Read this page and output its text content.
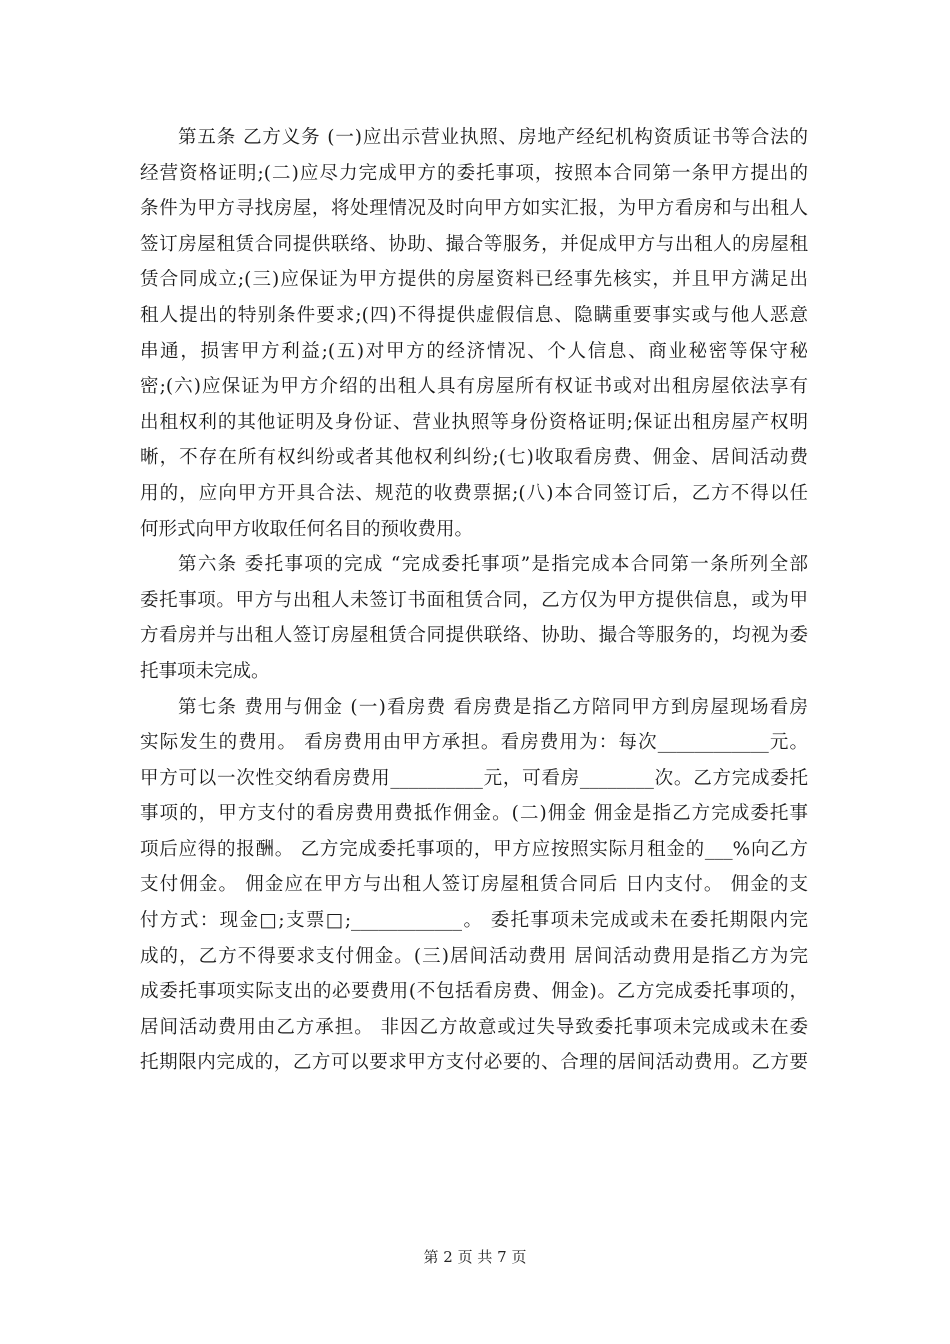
第五条 乙方义务 (一)应出示营业执照、房地产经纪机构资质证书等合法的
经营资格证明;(二)应尽力完成甲方的委托事项，按照本合同第一条甲方提出的
条件为甲方寻找房屋，将处理情况及时向甲方如实汇报，为甲方看房和与出租人
签订房屋租赁合同提供联络、协助、撮合等服务，并促成甲方与出租人的房屋租
赁合同成立;(三)应保证为甲方提供的房屋资料已经事先核实，并且甲方满足出
租人提出的特别条件要求;(四)不得提供虚假信息、隐瞒重要事实或与他人恶意
串通，损害甲方利益;(五)对甲方的经济情况、个人信息、商业秘密等保守秘
密;(六)应保证为甲方介绍的出租人具有房屋所有权证书或对出租房屋依法享有
出租权利的其他证明及身份证、营业执照等身份资格证明;保证出租房屋产权明
晰，不存在所有权纠纷或者其他权利纠纷;(七)收取看房费、佣金、居间活动费
用的，应向甲方开具合法、规范的收费票据;(八)本合同签订后，乙方不得以任
何形式向甲方收取任何名目的预收费用。
第六条 委托事项的完成 “完成委托事项”是指完成本合同第一条所列全部
委托事项。甲方与出租人未签订书面租赁合同，乙方仅为甲方提供信息，或为甲
方看房并与出租人签订房屋租赁合同提供联络、协助、撮合等服务的，均视为委
托事项未完成。
第七条 费用与佣金 (一)看房费 看房费是指乙方陪同甲方到房屋现场看房
实际发生的费用。 看房费用由甲方承担。看房费用为：每次____________元。
甲方可以一次性交纳看房费用__________元，可看房________次。乙方完成委托
事项的，甲方支付的看房费用费抵作佣金。(二)佣金 佣金是指乙方完成委托事
项后应得的报酬。 乙方完成委托事项的，甲方应按照实际月租金的___%向乙方
支付佣金。 佣金应在甲方与出租人签订房屋租赁合同后 日内支付。 佣金的支
付方式：现金□;支票□;____________。 委托事项未完成或未在委托期限内完
成的，乙方不得要求支付佣金。(三)居间活动费用 居间活动费用是指乙方为完
成委托事项实际支出的必要费用(不包括看房费、佣金)。乙方完成委托事项的，
居间活动费用由乙方承担。 非因乙方故意或过失导致委托事项未完成或未在委
托期限内完成的，乙方可以要求甲方支付必要的、合理的居间活动费用。乙方要
第 2 页 共 7 页
